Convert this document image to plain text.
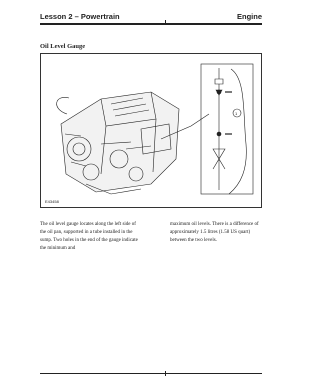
Lesson 2 – Powertrain	Engine
Oil Level Gauge
1
E43458
The oil level gauge locates along the left side of the oil pan, supported in a tube installed in the sump. Two holes in the end of the gauge indicate the minimum and
maximum oil levels. There is a difference of approximately 1.5 litres (1.58 US quart) between the two levels.
